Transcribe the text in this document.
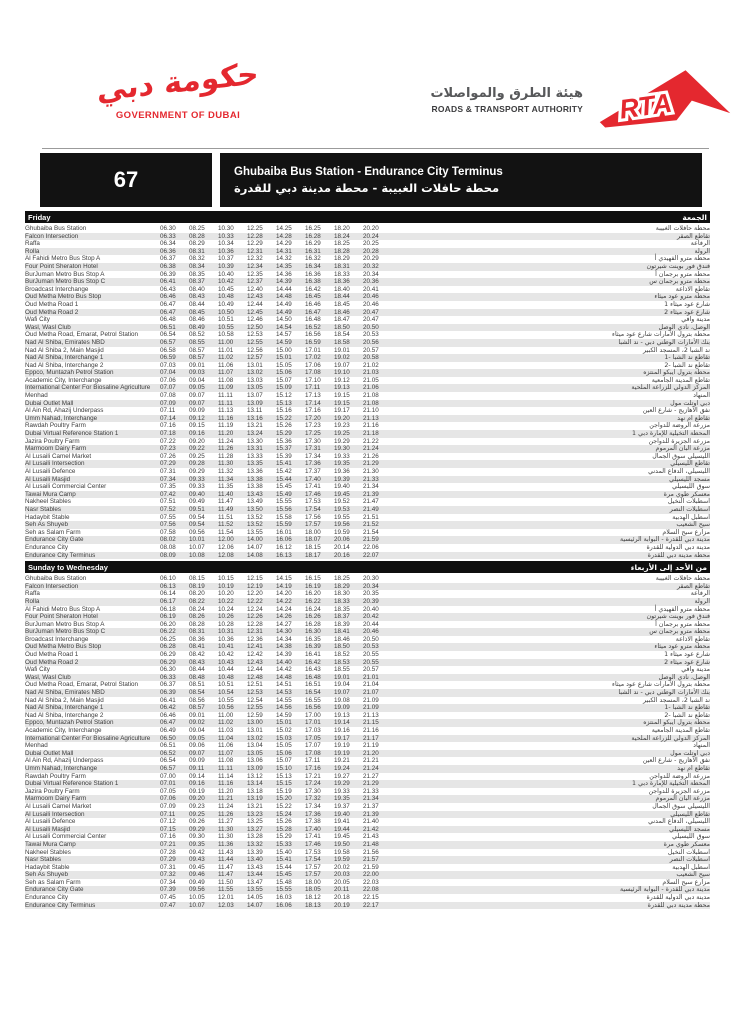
حكومة دبي
GOVERNMENT OF DUBAI
هيئة الطرق والمواصلات
ROADS & TRANSPORT AUTHORITY RTA
67	Ghubaiba Bus Station - Endurance City Terminus
محطة حافلات الغبيبة - محطة مدينة دبي للقدرة
Friday	الجمعة
Ghubaiba Bus Station	06.30	08.25	10.30	12.25	14.25	16.25	18.20	20.20	محطة حافلات الغبيبة
Falcon Intersection	06.33	08.28	10.33	12.28	14.28	16.28	18.24	20.24	تقاطع الصقر
Raffa	06.34	08.29	10.34	12.29	14.29	16.29	18.25	20.25	الرفاعة
Rolla	06.36	08.31	10.36	12.31	14.31	16.31	18.28	20.28	الرولة
Al Fahidi Metro Bus Stop A	06.37	08.32	10.37	12.32	14.32	16.32	18.29	20.29	محطة مترو الفهيدي أ
Four Point Sheraton Hotel	06.38	08.34	10.39	12.34	14.35	16.34	18.31	20.32	فندق فور بوينت شيرتون
BurJuman Metro Bus Stop A	06.39	08.35	10.40	12.35	14.36	16.36	18.33	20.34	محطة مترو برجمان أ
BurJuman Metro Bus Stop C	06.41	08.37	10.42	12.37	14.39	16.38	18.36	20.36	محطة مترو برجمان س
Broadcast Interchange	06.43	08.40	10.45	12.40	14.44	16.42	18.40	20.41	تقاطع الاذاعة
Oud Metha Metro Bus Stop	06.46	08.43	10.48	12.43	14.48	16.45	18.44	20.46	محطة مترو عود ميثاء
Oud Metha Road 1	06.47	08.44	10.49	12.44	14.49	16.46	18.45	20.46	شارع عود ميثاء 1
Oud Metha Road 2	06.47	08.45	10.50	12.45	14.49	16.47	18.46	20.47	شارع عود ميثاء 2
Wafi City	06.48	08.46	10.51	12.46	14.50	16.48	18.47	20.47	مدينة وافي
Wasl, Wasl Club	06.51	08.49	10.55	12.50	14.54	16.52	18.50	20.50	الوصل، نادي الوصل
Oud Metha Road, Emarat, Petrol Station	06.54	08.52	10.58	12.53	14.57	16.56	18.54	20.53	محطة بترول الأمارات شارع عود ميثاء
Nad Al Shiba, Emirates NBD	06.57	08.55	11.00	12.55	14.59	16.59	18.58	20.56	بنك الأمارات الوطني دبي - ند الشبا
Nad Al Shiba 2, Main Masjid	06.58	08.57	11.01	12.56	15.00	17.01	19.01	20.57	ند الشبا 2، المسجد الكبير
Nad Al Shiba, Interchange 1	06.59	08.57	11.02	12.57	15.01	17.02	19.02	20.58	تقاطع ند الشبا -1
Nad Al Shiba, Interchange 2	07.03	09.01	11.06	13.01	15.05	17.06	19.07	21.02	تقاطع ند الشبا -2
Eppco, Muntazah Petrol Station	07.04	09.03	11.07	13.02	15.06	17.08	19.10	21.03	محطة بترول ايبكو المنتزه
Academic City, Interchange	07.06	09.04	11.08	13.03	15.07	17.10	19.12	21.05	تقاطع المدينة الجامعية
International Center For Biosaline Agriculture	07.07	09.05	11.09	13.05	15.09	17.11	19.13	21.06	المركز الدولي للزراعة الملحية
Menhad	07.08	09.07	11.11	13.07	15.12	17.13	19.15	21.08	المنهاد
Dubai Outlet Mall	07.09	09.07	11.11	13.09	15.13	17.14	19.15	21.08	دبي اوتلت مول
Al Ain Rd, Ahazij Underpass	07.11	09.09	11.13	13.11	15.16	17.16	19.17	21.10	نفق الأهازيج - شارع العين
Umm Nahad, Interchange	07.14	09.12	11.16	13.16	15.22	17.20	19.20	21.13	تقاطع ام نهد
Rawdah Poultry Farm	07.16	09.15	11.19	13.21	15.26	17.23	19.23	21.16	مزرعة الروضة للدواجن
Dubai Virtual Reference Station 1	07.18	09.16	11.20	13.24	15.29	17.25	19.25	21.18	المحطة التخيلية للإمارة دبي 1
Jazira Poultry Farm	07.22	09.20	11.24	13.30	15.36	17.30	19.29	21.22	مزرعة الجزيرة للدواجن
Marmoom Dairy Farm	07.23	09.22	11.26	13.31	15.37	17.31	19.30	21.24	مزرعة البان المرموم
Al Lusaili Camel Market	07.26	09.25	11.28	13.33	15.39	17.34	19.33	21.26	الليسيلي سوق الجمال
Al Lusaili Intersection	07.29	09.28	11.30	13.35	15.41	17.36	19.35	21.29	تقاطع الليسيلي
Al Lusaili Defence	07.31	09.29	11.32	13.36	15.42	17.37	19.36	21.30	الليسيلي، الدفاع المدني
Al Lusaili Masjid	07.34	09.33	11.34	13.38	15.44	17.40	19.39	21.33	مسجد الليسيلي
Al Lusaili Commercial Center	07.35	09.33	11.35	13.38	15.45	17.41	19.40	21.34	سوق الليسيلي
Tawai Mura Camp	07.42	09.40	11.40	13.43	15.49	17.46	19.45	21.39	معسكر طوي مرة
Nakheel Stables	07.51	09.49	11.47	13.49	15.55	17.53	19.52	21.47	اسطبلات النخيل
Nasr Stables	07.52	09.51	11.49	13.50	15.56	17.54	19.53	21.49	اسطبلات النصر
Hadaybit Stable	07.55	09.54	11.51	13.52	15.58	17.56	19.55	21.51	اسطبل الهدبية
Seh As Shuyeb	07.56	09.54	11.52	13.52	15.59	17.57	19.56	21.52	سيح الشعيب
Seh as Salam Farm	07.58	09.56	11.54	13.55	16.01	18.00	19.59	21.54	مزارع سيح السلام
Endurance City Gate	08.02	10.01	12.00	14.00	16.06	18.07	20.06	21.59	مدينة دبي للقدرة - البوابة الرئيسية
Endurance City	08.08	10.07	12.06	14.07	16.12	18.15	20.14	22.06	مدينة دبي الدولية للقدرة
Endurance City Terminus	08.09	10.08	12.08	14.08	16.13	18.17	20.16	22.07	محطة مدينة دبي للقدرة
Sunday to Wednesday	من الأحد إلى الأربعاء
Ghubaiba Bus Station	06.10	08.15	10.15	12.15	14.15	16.15	18.25	20.30	محطة حافلات الغبيبة
Falcon Intersection	06.13	08.19	10.19	12.19	14.19	16.19	18.29	20.34	تقاطع الصقر
Raffa	06.14	08.20	10.20	12.20	14.20	16.20	18.30	20.35	الرفاعة
Rolla	06.17	08.22	10.22	12.22	14.22	16.22	18.33	20.39	الرولة
Al Fahidi Metro Bus Stop A	06.18	08.24	10.24	12.24	14.24	16.24	18.35	20.40	محطة مترو الفهيدي أ
Four Point Sheraton Hotel	06.19	08.26	10.26	12.26	14.26	16.26	18.37	20.42	فندق فور بوينت شيرتون
BurJuman Metro Bus Stop A	06.20	08.28	10.28	12.28	14.27	16.28	18.39	20.44	محطة مترو برجمان أ
BurJuman Metro Bus Stop C	06.22	08.31	10.31	12.31	14.30	16.30	18.41	20.46	محطة مترو برجمان س
Broadcast Interchange	06.25	08.36	10.36	12.36	14.34	16.35	18.46	20.50	تقاطع الاذاعة
Oud Metha Metro Bus Stop	06.28	08.41	10.41	12.41	14.38	16.39	18.50	20.53	محطة مترو عود ميثاء
Oud Metha Road 1	06.29	08.42	10.42	12.42	14.39	16.41	18.52	20.55	شارع عود ميثاء 1
Oud Metha Road 2	06.29	08.43	10.43	12.43	14.40	16.42	18.53	20.55	شارع عود ميثاء 2
Wafi City	06.30	08.44	10.44	12.44	14.42	16.43	18.55	20.57	مدينة وافي
Wasl, Wasl Club	06.33	08.48	10.48	12.48	14.48	16.48	19.01	21.01	الوصل، نادي الوصل
Oud Metha Road, Emarat, Petrol Station	06.37	08.51	10.51	12.51	14.51	16.51	19.04	21.04	محطة بترول الأمارات شارع عود ميثاء
Nad Al Shiba, Emirates NBD	06.39	08.54	10.54	12.53	14.53	16.54	19.07	21.07	بنك الأمارات الوطني دبي - ند الشبا
Nad Al Shiba 2, Main Masjid	06.41	08.56	10.55	12.54	14.55	16.55	19.08	21.09	ند الشبا 2، المسجد الكبير
Nad Al Shiba, Interchange 1	06.42	08.57	10.56	12.55	14.56	16.56	19.09	21.09	تقاطع ند الشبا -1
Nad Al Shiba, Interchange 2	06.46	09.01	11.00	12.59	14.59	17.00	19.13	21.13	تقاطع ند الشبا -2
Eppco, Muntazah Petrol Station	06.47	09.02	11.02	13.00	15.01	17.01	19.14	21.15	محطة بترول ايبكو المنتزه
Academic City, Interchange	06.49	09.04	11.03	13.01	15.02	17.03	19.16	21.16	تقاطع المدينة الجامعية
International Center For Biosaline Agriculture	06.50	09.05	11.04	13.02	15.03	17.05	19.17	21.17	المركز الدولي للزراعة الملحية
Menhad	06.51	09.06	11.06	13.04	15.05	17.07	19.19	21.19	المنهاد
Dubai Outlet Mall	06.52	09.07	11.07	13.05	15.06	17.08	19.19	21.20	دبي اوتلت مول
Al Ain Rd, Ahazij Underpass	06.54	09.09	11.08	13.06	15.07	17.11	19.21	21.21	نفق الأهازيج - شارع العين
Umm Nahad, Interchange	06.57	09.11	11.11	13.09	15.10	17.16	19.24	21.24	تقاطع ام نهد
Rawdah Poultry Farm	07.00	09.14	11.14	13.12	15.13	17.21	19.27	21.27	مزرعة الروضة للدواجن
Dubai Virtual Reference Station 1	07.01	09.16	11.16	13.14	15.15	17.24	19.29	21.29	المحطة التخيلية للإمارة دبي 1
Jazira Poultry Farm	07.05	09.19	11.20	13.18	15.19	17.30	19.33	21.33	مزرعة الجزيرة للدواجن
Marmoom Dairy Farm	07.06	09.20	11.21	13.19	15.20	17.32	19.35	21.34	مزرعة البان المرموم
Al Lusaili Camel Market	07.09	09.23	11.24	13.21	15.22	17.34	19.37	21.37	الليسيلي سوق الجمال
Al Lusaili Intersection	07.11	09.25	11.26	13.23	15.24	17.36	19.40	21.39	تقاطع الليسيلي
Al Lusaili Defence	07.12	09.26	11.27	13.25	15.26	17.38	19.41	21.40	الليسيلي، الدفاع المدني
Al Lusaili Masjid	07.15	09.29	11.30	13.27	15.28	17.40	19.44	21.42	مسجد الليسيلي
Al Lusaili Commercial Center	07.16	09.30	11.30	13.28	15.29	17.41	19.45	21.43	سوق الليسيلي
Tawai Mura Camp	07.21	09.35	11.36	13.32	15.33	17.46	19.50	21.48	معسكر طوي مرة
Nakheel Stables	07.28	09.42	11.43	13.39	15.40	17.53	19.58	21.56	اسطبلات النخيل
Nasr Stables	07.29	09.43	11.44	13.40	15.41	17.54	19.59	21.57	اسطبلات النصر
Hadaybit Stable	07.31	09.45	11.47	13.43	15.44	17.57	20.02	21.59	اسطبل الهدبية
Seh As Shuyeb	07.32	09.46	11.47	13.44	15.45	17.57	20.03	22.00	سيح الشعيب
Seh as Salam Farm	07.34	09.49	11.50	13.47	15.48	18.00	20.05	22.03	مزارع سيح السلام
Endurance City Gate	07.39	09.56	11.55	13.55	15.55	18.05	20.11	22.08	مدينة دبي للقدرة - البوابة الرئيسية
Endurance City	07.45	10.05	12.01	14.05	16.03	18.12	20.18	22.15	مدينة دبي الدولية للقدرة
Endurance City Terminus	07.47	10.07	12.03	14.07	16.06	18.13	20.19	22.17	محطة مدينة دبي للقدرة
